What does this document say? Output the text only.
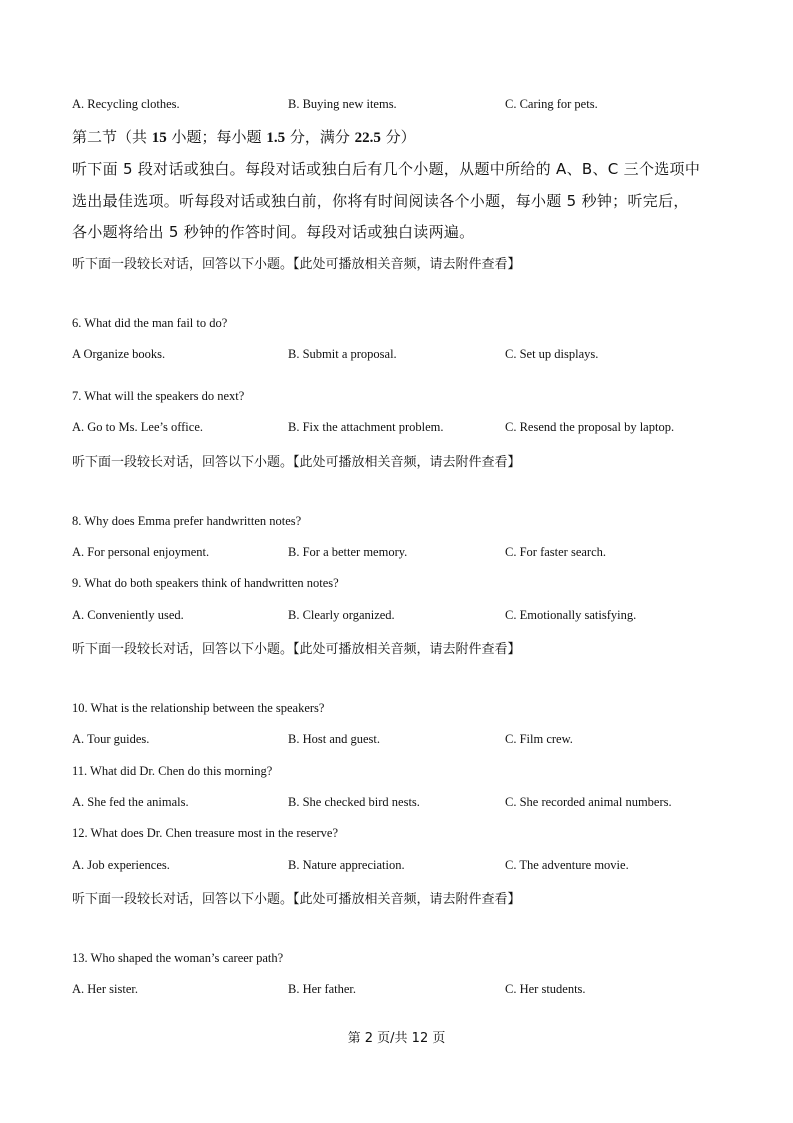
A. Recycling clothes.	B. Buying new items.	C. Caring for pets.
第二节（共 15 小题；每小题 1.5 分，满分 22.5 分）
听下面 5 段对话或独白。每段对话或独白后有几个小题，从题中所给的 A、B、C 三个选项中
选出最佳选项。听每段对话或独白前，你将有时间阅读各个小题，每小题 5 秒钟；听完后，
各小题将给出 5 秒钟的作答时间。每段对话或独白读两遍。
听下面一段较长对话，回答以下小题。【此处可播放相关音频，请去附件查看】
6. What did the man fail to do?
A Organize books.	B. Submit a proposal.	C. Set up displays.
7. What will the speakers do next?
A. Go to Ms. Lee’s office.	B. Fix the attachment problem.	C. Resend the proposal by laptop.
听下面一段较长对话，回答以下小题。【此处可播放相关音频，请去附件查看】
8. Why does Emma prefer handwritten notes?
A. For personal enjoyment.	B. For a better memory.	C. For faster search.
9. What do both speakers think of handwritten notes?
A. Conveniently used.	B. Clearly organized.	C. Emotionally satisfying.
听下面一段较长对话，回答以下小题。【此处可播放相关音频，请去附件查看】
10. What is the relationship between the speakers?
A. Tour guides.	B. Host and guest.	C. Film crew.
11. What did Dr. Chen do this morning?
A. She fed the animals.	B. She checked bird nests.	C. She recorded animal numbers.
12. What does Dr. Chen treasure most in the reserve?
A. Job experiences.	B. Nature appreciation.	C. The adventure movie.
听下面一段较长对话，回答以下小题。【此处可播放相关音频，请去附件查看】
13. Who shaped the woman’s career path?
A. Her sister.	B. Her father.	C. Her students.
第 2 页/共 12 页
